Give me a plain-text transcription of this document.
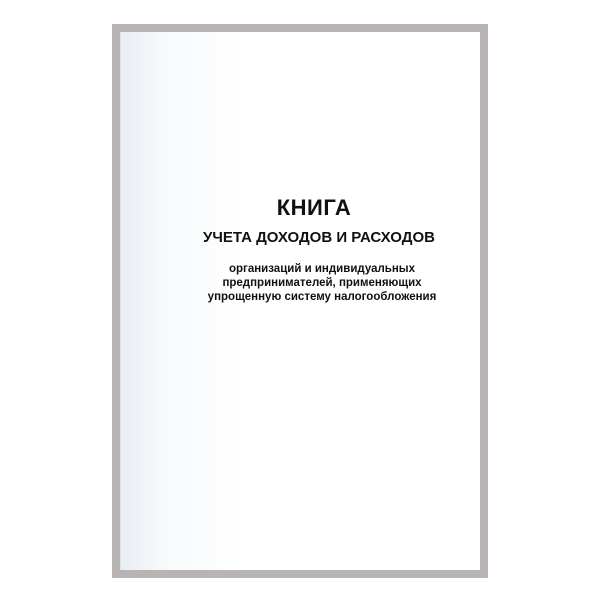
КНИГА
УЧЕТА ДОХОДОВ И РАСХОДОВ

организаций и индивидуальных
предпринимателей, применяющих
упрощенную систему налогообложения
